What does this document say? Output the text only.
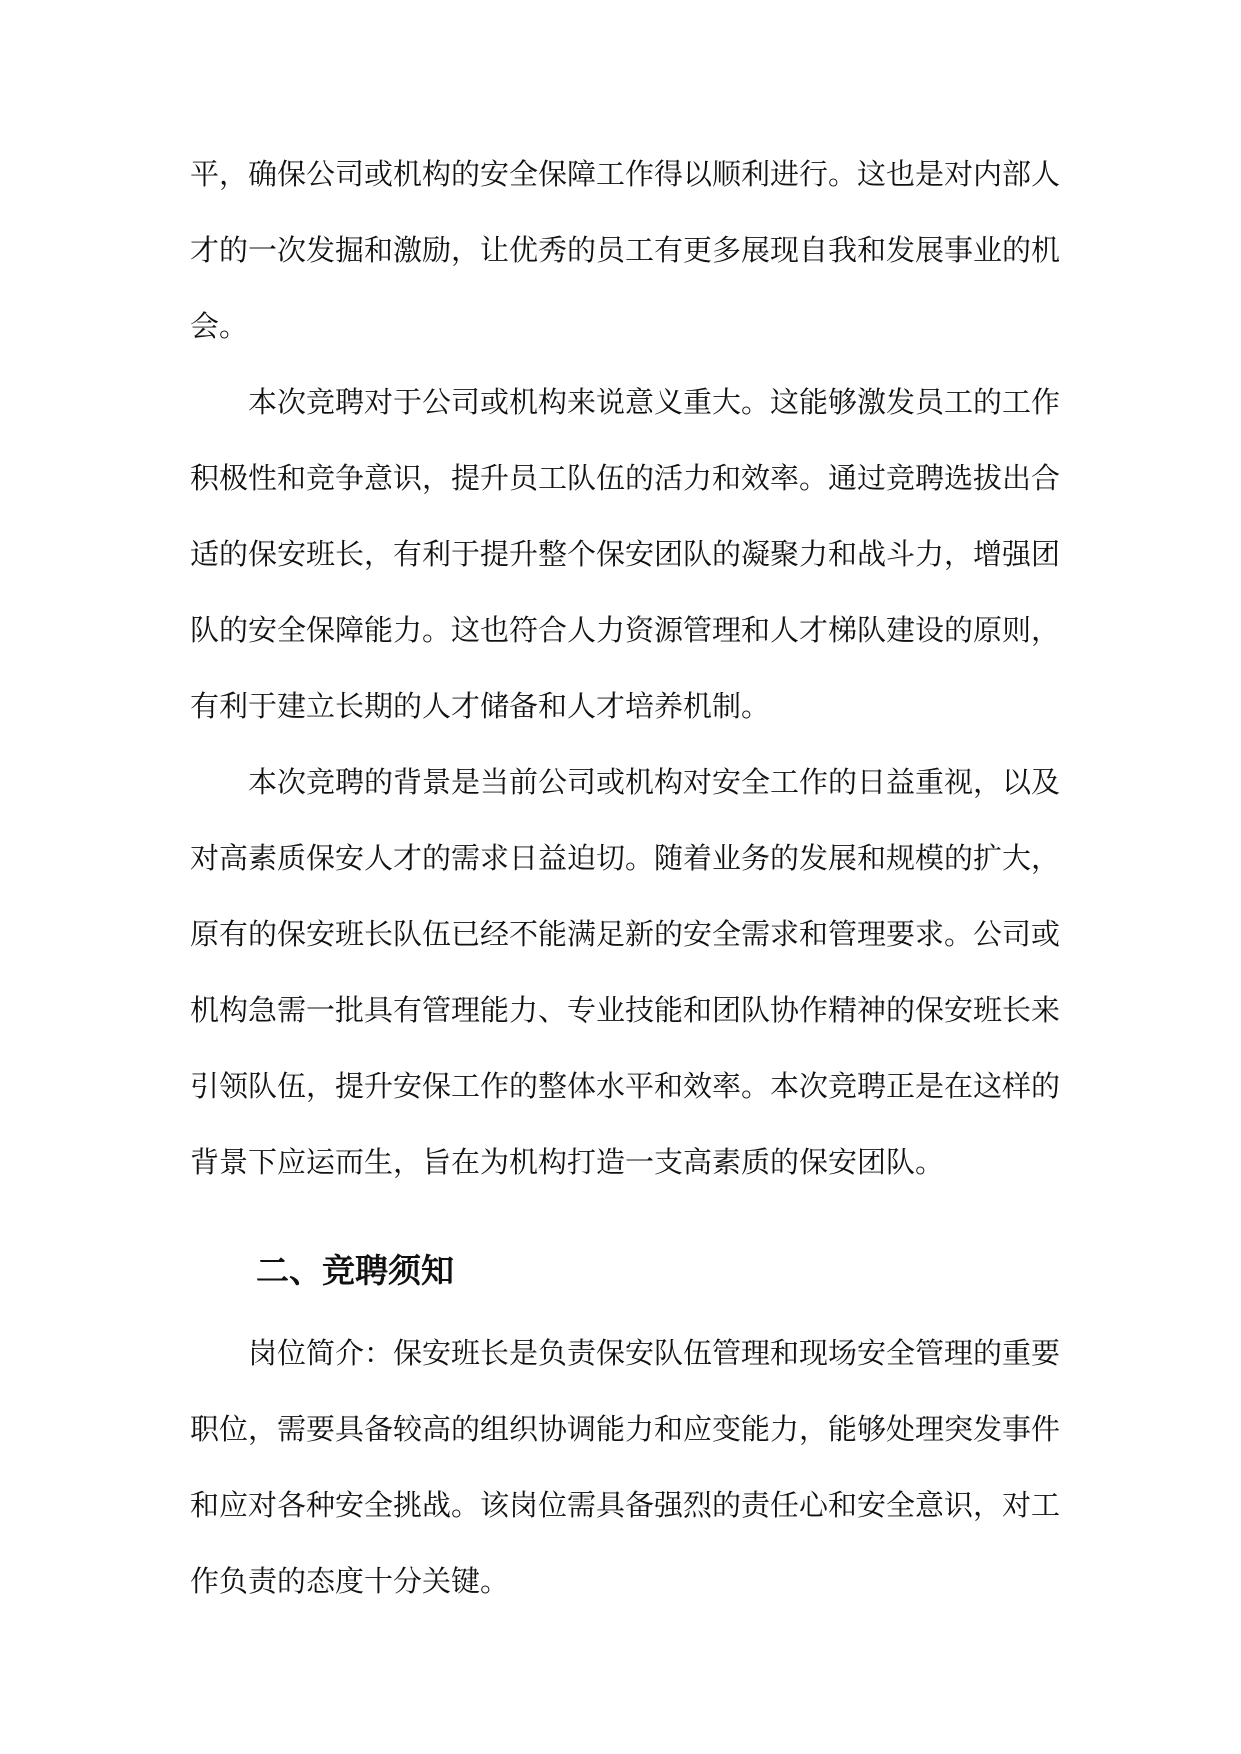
平，确保公司或机构的安全保障工作得以顺利进行。这也是对内部人
才的一次发掘和激励，让优秀的员工有更多展现自我和发展事业的机
会。
本次竞聘对于公司或机构来说意义重大。这能够激发员工的工作
积极性和竞争意识，提升员工队伍的活力和效率。通过竞聘选拔出合
适的保安班长，有利于提升整个保安团队的凝聚力和战斗力，增强团
队的安全保障能力。这也符合人力资源管理和人才梯队建设的原则，
有利于建立长期的人才储备和人才培养机制。
本次竞聘的背景是当前公司或机构对安全工作的日益重视，以及
对高素质保安人才的需求日益迫切。随着业务的发展和规模的扩大，
原有的保安班长队伍已经不能满足新的安全需求和管理要求。公司或
机构急需一批具有管理能力、专业技能和团队协作精神的保安班长来
引领队伍，提升安保工作的整体水平和效率。本次竞聘正是在这样的
背景下应运而生，旨在为机构打造一支高素质的保安团队。
二、竞聘须知
岗位简介：保安班长是负责保安队伍管理和现场安全管理的重要
职位，需要具备较高的组织协调能力和应变能力，能够处理突发事件
和应对各种安全挑战。该岗位需具备强烈的责任心和安全意识，对工
作负责的态度十分关键。
